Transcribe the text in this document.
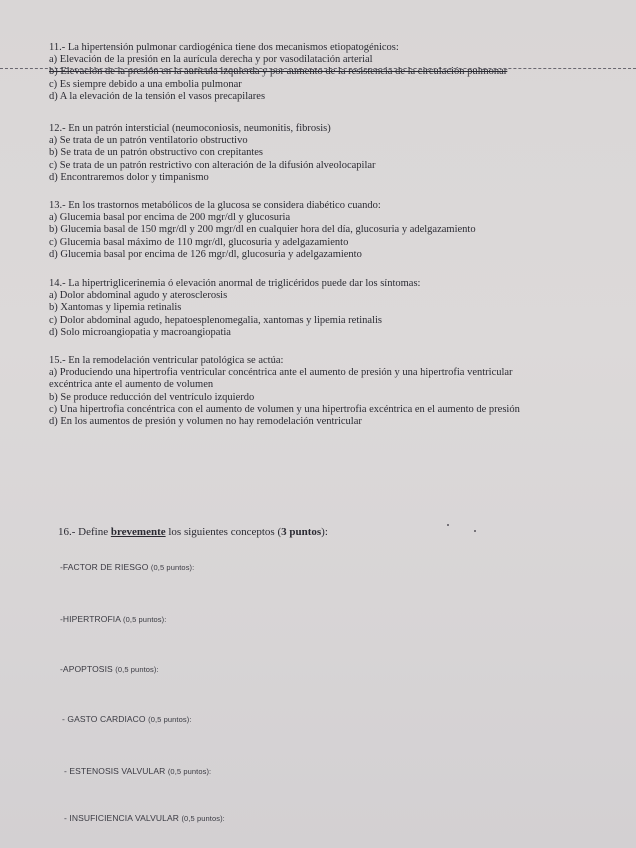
11.- La hipertensión pulmonar cardiogénica tiene dos mecanismos etiopatogénicos:
a) Elevación de la presión en la aurícula derecha y por vasodilatación arterial
b) Elevación de la presión en la aurícula izquierda y por aumento de la resistencia de la circulación pulmonar
c) Es siempre debido a una embolia pulmonar
d) A la elevación de la tensión el vasos precapilares
12.- En un patrón intersticial (neumoconiosis, neumonitis, fibrosis)
a) Se trata de un patrón ventilatorio obstructivo
b) Se trata de un patrón obstructivo con crepitantes
c) Se trata de un patrón restrictivo con alteración de la difusión alveolocapilar
d) Encontraremos dolor y timpanismo
13.- En los trastornos metabólicos de la glucosa se considera diabético cuando:
a) Glucemia basal por encima de 200 mgr/dl y glucosuria
b) Glucemia basal de 150 mgr/dl y 200 mgr/dl en cualquier hora del día, glucosuria y adelgazamiento
c) Glucemia basal máximo de 110 mgr/dl, glucosuria y adelgazamiento
d) Glucemia basal por encima de 126 mgr/dl, glucosuria y adelgazamiento
14.- La hipertriglicerinemia ó elevación anormal de triglicéridos puede dar los síntomas:
a) Dolor abdominal agudo y aterosclerosis
b) Xantomas y lipemia retinalis
c) Dolor abdominal agudo, hepatoesplenomegalia, xantomas y lipemia retinalis
d) Solo microangiopatia y macroangiopatia
15.- En la remodelación ventricular patológica se actúa:
a) Produciendo una hipertrofia ventricular concéntrica ante el aumento de presión y una hipertrofia ventricular
excéntrica ante el aumento de volumen
b) Se produce reducción del ventrículo izquierdo
c) Una hipertrofia concéntrica con el aumento de volumen y una hipertrofia excéntrica en el aumento de presión
d) En los aumentos de presión y volumen no hay remodelación ventricular
16.- Define brevemente los siguientes conceptos (3 puntos):
-FACTOR DE RIESGO (0,5 puntos):
-HIPERTROFIA (0,5 puntos):
-APOPTOSIS (0,5 puntos):
- GASTO CARDIACO (0,5 puntos):
- ESTENOSIS VALVULAR (0,5 puntos):
- INSUFICIENCIA VALVULAR (0,5 puntos):
